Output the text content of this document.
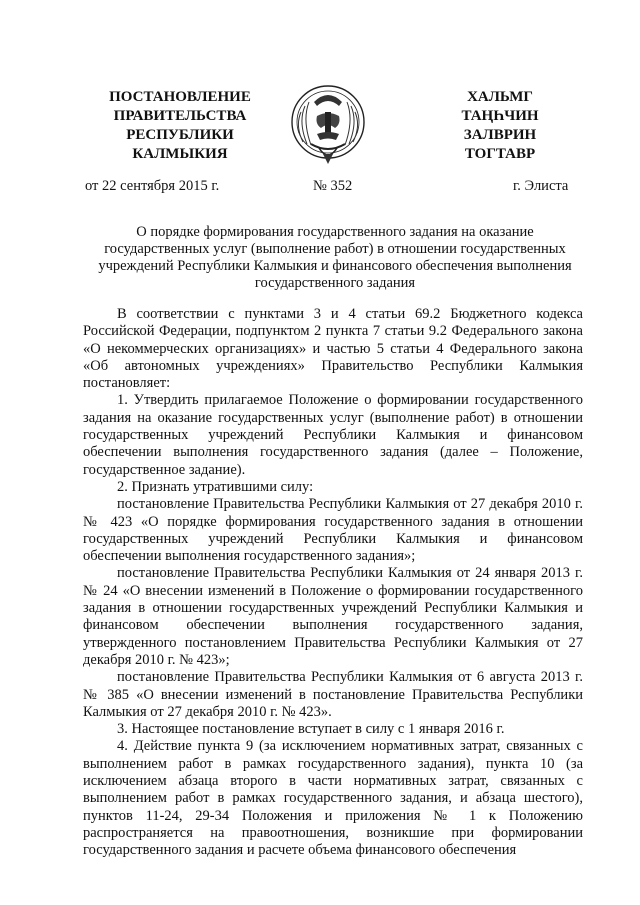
ПОСТАНОВЛЕНИЕ
ПРАВИТЕЛЬСТВА
РЕСПУБЛИКИ
КАЛМЫКИЯ
ХАЛЬМГ
ТАҢҺЧИН
ЗАЛВРИН
ТОГТАВР
от 22 сентября 2015 г.	№ 352	г. Элиста
О порядке формирования государственного задания на оказание
государственных услуг (выполнение работ) в отношении государственных
учреждений Республики Калмыкия и финансового обеспечения выполнения
государственного задания

В соответствии с пунктами 3 и 4 статьи 69.2 Бюджетного кодекса Российской Федерации, подпунктом 2 пункта 7 статьи 9.2 Федерального закона «О некоммерческих организациях» и частью 5 статьи 4 Федерального закона «Об автономных учреждениях» Правительство Республики Калмыкия постановляет:

1. Утвердить прилагаемое Положение о формировании государственного задания на оказание государственных услуг (выполнение работ) в отношении государственных учреждений Республики Калмыкия и финансовом обеспечении выполнения государственного задания (далее – Положение, государственное задание).

2. Признать утратившими силу:

постановление Правительства Республики Калмыкия от 27 декабря 2010 г. № 423 «О порядке формирования государственного задания в отношении государственных учреждений Республики Калмыкия и финансовом обеспечении выполнения государственного задания»;

постановление Правительства Республики Калмыкия от 24 января 2013 г. № 24 «О внесении изменений в Положение о формировании государственного задания в отношении государственных учреждений Республики Калмыкия и финансовом обеспечении выполнения государственного задания, утвержденного постановлением Правительства Республики Калмыкия от 27 декабря 2010 г. № 423»;

постановление Правительства Республики Калмыкия от 6 августа 2013 г. № 385 «О внесении изменений в постановление Правительства Республики Калмыкия от 27 декабря 2010 г. № 423».

3. Настоящее постановление вступает в силу с 1 января 2016 г.

4. Действие пункта 9 (за исключением нормативных затрат, связанных с выполнением работ в рамках государственного задания), пункта 10 (за исключением абзаца второго в части нормативных затрат, связанных с выполнением работ в рамках государственного задания, и абзаца шестого), пунктов 11-24, 29-34 Положения и приложения № 1 к Положению распространяется на правоотношения, возникшие при формировании государственного задания и расчете объема финансового обеспечения
